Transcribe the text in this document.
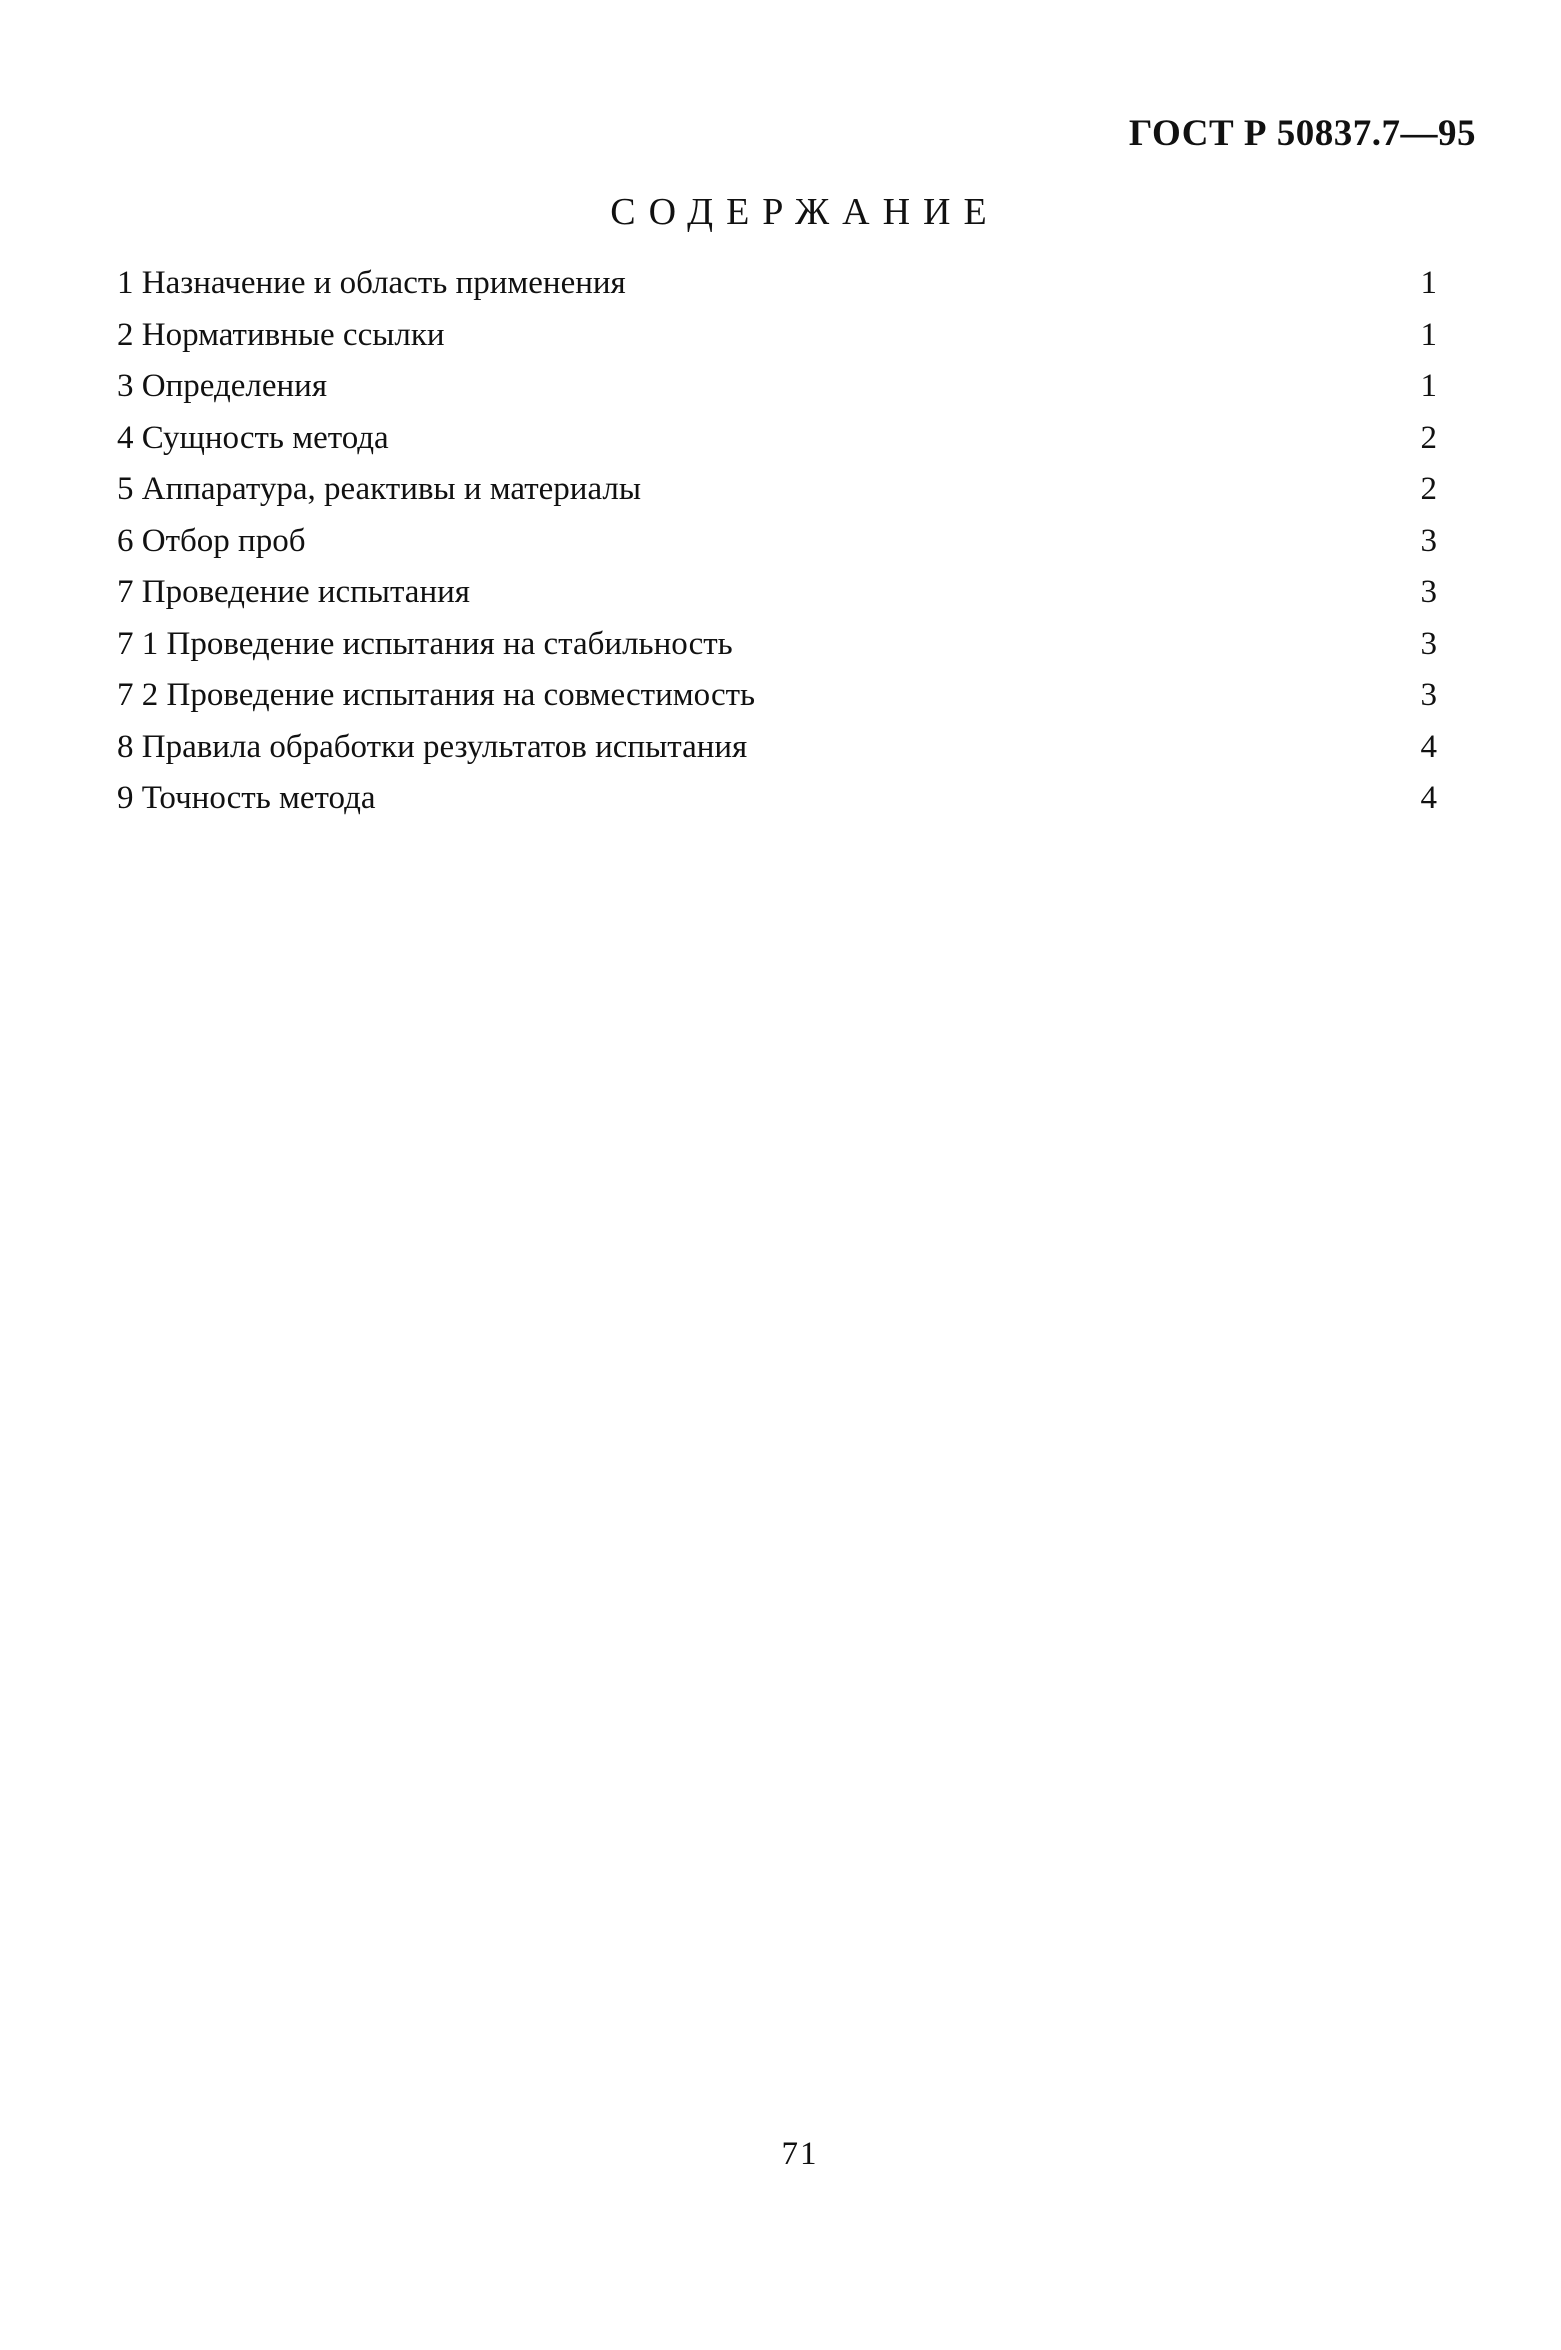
ГОСТ Р 50837.7—95
СОДЕРЖАНИЕ
1 Назначение и область применения	1
2 Нормативные ссылки	1
3 Определения	1
4 Сущность метода	2
5 Аппаратура, реактивы и материалы	2
6 Отбор проб	3
7 Проведение испытания	3
7 1 Проведение испытания на стабильность	3
7 2 Проведение испытания на совместимость	3
8 Правила обработки результатов испытания	4
9 Точность метода	4
71
